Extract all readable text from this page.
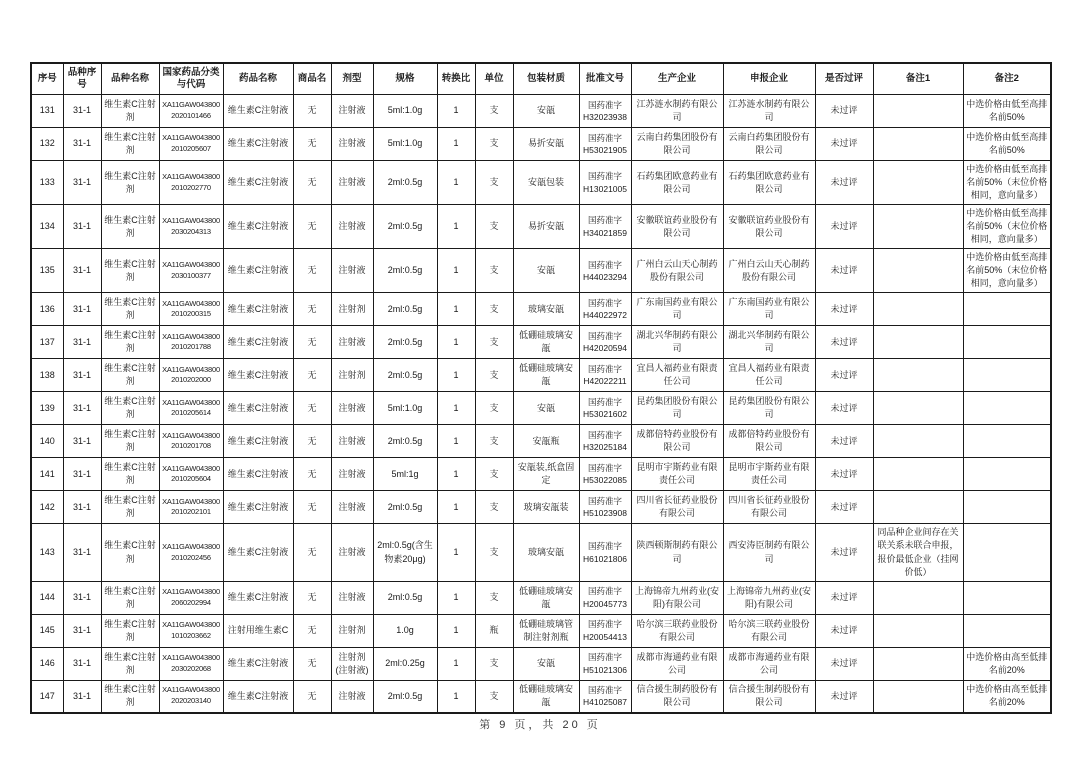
序号	品种序号	品种名称	国家药品分类与代码	药品名称	商品名	剂型	规格	转换比	单位	包装材质	批准文号	生产企业	申报企业	是否过评	备注1	备注2
131	31-1	维生素C注射剂	XA11GAW043800 2020101466	维生素C注射液	无	注射液	5ml:1.0g	1	支	安瓿	国药准字H32023938	江苏涟水制药有限公司	江苏涟水制药有限公司	未过评		中选价格由低至高排名前50%
132	31-1	维生素C注射剂	XA11GAW043800 2010205607	维生素C注射液	无	注射液	5ml:1.0g	1	支	易折安瓿	国药准字H53021905	云南白药集团股份有限公司	云南白药集团股份有限公司	未过评		中选价格由低至高排名前50%
133	31-1	维生素C注射剂	XA11GAW043800 2010202770	维生素C注射液	无	注射液	2ml:0.5g	1	支	安瓿包装	国药准字H13021005	石药集团欧意药业有限公司	石药集团欧意药业有限公司	未过评		中选价格由低至高排名前50%（末位价格相同，意向量多）
134	31-1	维生素C注射剂	XA11GAW043800 2030204313	维生素C注射液	无	注射液	2ml:0.5g	1	支	易折安瓿	国药准字H34021859	安徽联谊药业股份有限公司	安徽联谊药业股份有限公司	未过评		中选价格由低至高排名前50%（末位价格相同，意向量多）
135	31-1	维生素C注射剂	XA11GAW043800 2030100377	维生素C注射液	无	注射液	2ml:0.5g	1	支	安瓿	国药准字H44023294	广州白云山天心制药股份有限公司	广州白云山天心制药股份有限公司	未过评		中选价格由低至高排名前50%（末位价格相同，意向量多）
136	31-1	维生素C注射剂	XA11GAW043800 2010200315	维生素C注射液	无	注射剂	2ml:0.5g	1	支	玻璃安瓿	国药准字H44022972	广东南国药业有限公司	广东南国药业有限公司	未过评		
137	31-1	维生素C注射剂	XA11GAW043800 2010201788	维生素C注射液	无	注射液	2ml:0.5g	1	支	低硼硅玻璃安瓿	国药准字H42020594	湖北兴华制药有限公司	湖北兴华制药有限公司	未过评		
138	31-1	维生素C注射剂	XA11GAW043800 2010202000	维生素C注射液	无	注射剂	2ml:0.5g	1	支	低硼硅玻璃安瓿	国药准字H42022211	宜昌人福药业有限责任公司	宜昌人福药业有限责任公司	未过评		
139	31-1	维生素C注射剂	XA11GAW043800 2010205614	维生素C注射液	无	注射液	5ml:1.0g	1	支	安瓿	国药准字H53021602	昆药集团股份有限公司	昆药集团股份有限公司	未过评		
140	31-1	维生素C注射剂	XA11GAW043800 2010201708	维生素C注射液	无	注射液	2ml:0.5g	1	支	安瓿瓶	国药准字H32025184	成都倍特药业股份有限公司	成都倍特药业股份有限公司	未过评		
141	31-1	维生素C注射剂	XA11GAW043800 2010205604	维生素C注射液	无	注射液	5ml:1g	1	支	安瓿装,纸盒固定	国药准字H53022085	昆明市宇斯药业有限责任公司	昆明市宇斯药业有限责任公司	未过评		
142	31-1	维生素C注射剂	XA11GAW043800 2010202101	维生素C注射液	无	注射液	2ml:0.5g	1	支	玻璃安瓿装	国药准字H51023908	四川省长征药业股份有限公司	四川省长征药业股份有限公司	未过评		
143	31-1	维生素C注射剂	XA11GAW043800 2010202456	维生素C注射液	无	注射液	2ml:0.5g(含生物素20μg)	1	支	玻璃安瓿	国药准字H61021806	陕西顿斯制药有限公司	西安涛臣制药有限公司	未过评	同品种企业间存在关联关系未联合申报，报价最低企业（挂网价低）	
144	31-1	维生素C注射剂	XA11GAW043800 2060202994	维生素C注射液	无	注射液	2ml:0.5g	1	支	低硼硅玻璃安瓿	国药准字H20045773	上海锦帝九州药业(安阳)有限公司	上海锦帝九州药业(安阳)有限公司	未过评		
145	31-1	维生素C注射剂	XA11GAW043800 1010203662	注射用维生素C	无	注射剂	1.0g	1	瓶	低硼硅玻璃管制注射剂瓶	国药准字H20054413	哈尔滨三联药业股份有限公司	哈尔滨三联药业股份有限公司	未过评		
146	31-1	维生素C注射剂	XA11GAW043800 2030202068	维生素C注射液	无	注射剂(注射液)	2ml:0.25g	1	支	安瓿	国药准字H51021306	成都市海通药业有限公司	成都市海通药业有限公司	未过评		中选价格由高至低排名前20%
147	31-1	维生素C注射剂	XA11GAW043800 2020203140	维生素C注射液	无	注射液	2ml:0.5g	1	支	低硼硅玻璃安瓿	国药准字H41025087	信合援生制药股份有限公司	信合援生制药股份有限公司	未过评		中选价格由高至低排名前20%
第 9 页，共 20 页
